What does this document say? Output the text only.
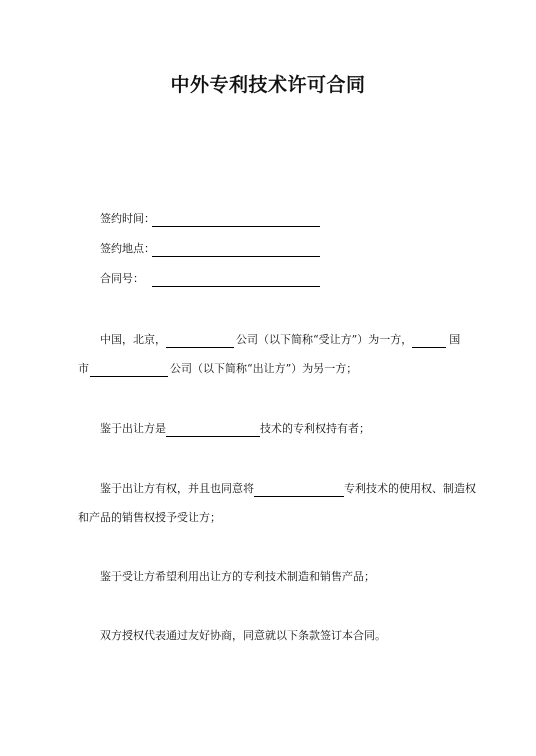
中外专利技术许可合同
签约时间：
签约地点：
合同号：
中国，北京，	公司（以下简称“受让方”）为一方，	国
市	公司（以下简称“出让方”）为另一方；
鉴于出让方是	技术的专利权持有者；
鉴于出让方有权，并且也同意将	专利技术的使用权、制造权
和产品的销售权授予受让方；
鉴于受让方希望利用出让方的专利技术制造和销售产品；
双方授权代表通过友好协商，同意就以下条款签订本合同。
